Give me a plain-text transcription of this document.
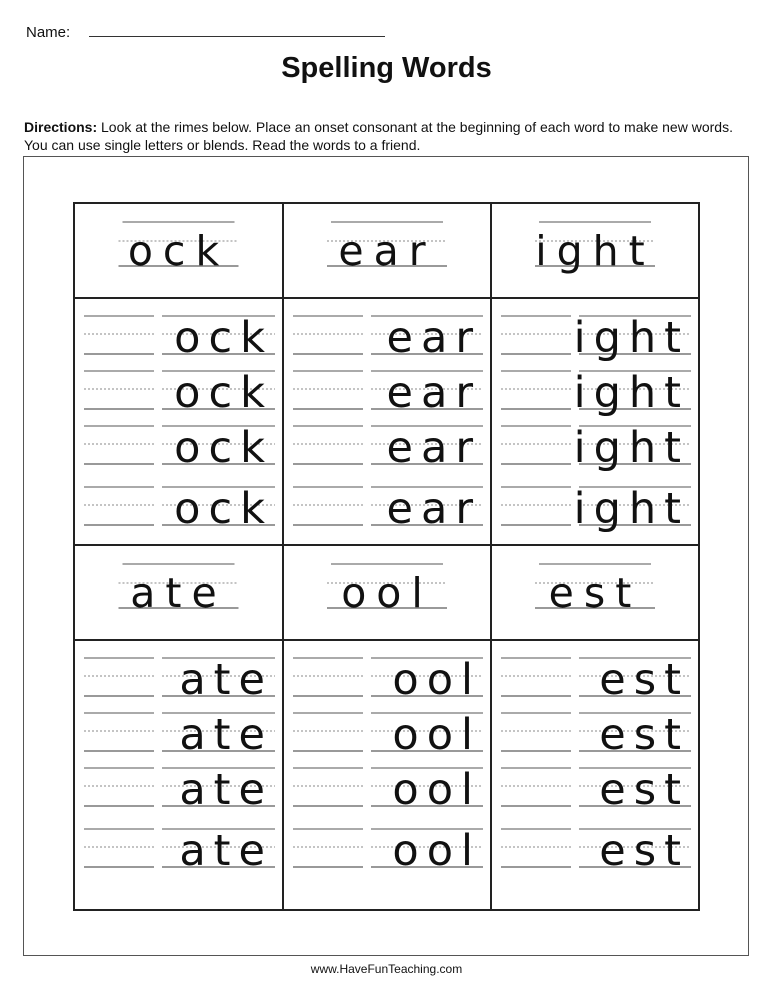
Name:
Spelling Words
Directions: Look at the rimes below. Place an onset consonant at the beginning of each word to make new words. You can use single letters or blends. Read the words to a friend.
ock
ock
ock
ock
ock
ear
ear
ear
ear
ear
ight
ight
ight
ight
ight
ate
ate
ate
ate
ate
ool
ool
ool
ool
ool
est
est
est
est
est
www.HaveFunTeaching.com
